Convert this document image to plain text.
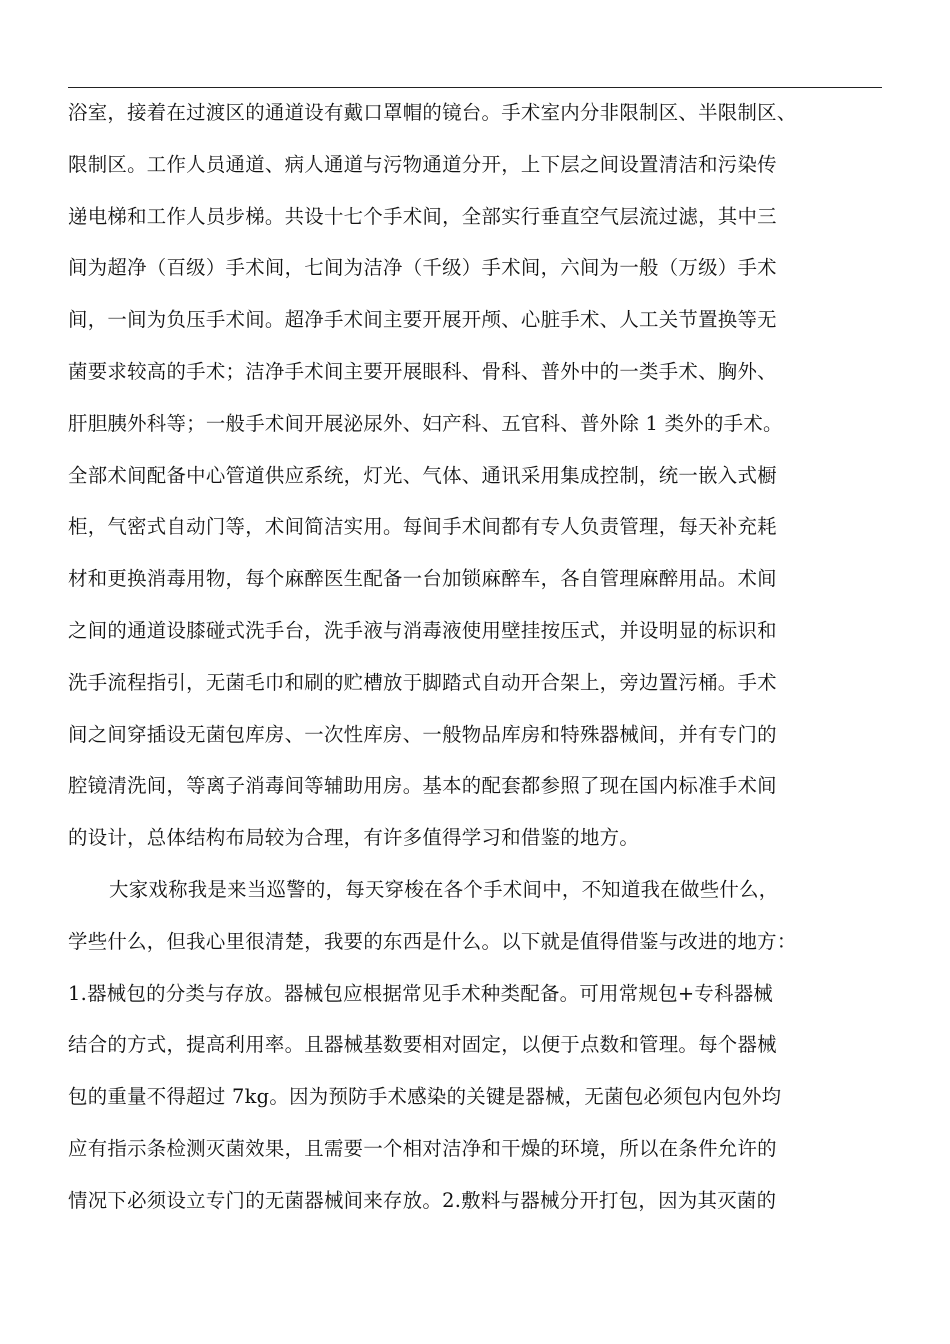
浴室，接着在过渡区的通道设有戴口罩帽的镜台。手术室内分非限制区、半限制区、
限制区。工作人员通道、病人通道与污物通道分开，上下层之间设置清洁和污染传
递电梯和工作人员步梯。共设十七个手术间，全部实行垂直空气层流过滤，其中三
间为超净（百级）手术间，七间为洁净（千级）手术间，六间为一般（万级）手术
间，一间为负压手术间。超净手术间主要开展开颅、心脏手术、人工关节置换等无
菌要求较高的手术；洁净手术间主要开展眼科、骨科、普外中的一类手术、胸外、
肝胆胰外科等；一般手术间开展泌尿外、妇产科、五官科、普外除 1 类外的手术。
全部术间配备中心管道供应系统，灯光、气体、通讯采用集成控制，统一嵌入式橱
柜，气密式自动门等，术间简洁实用。每间手术间都有专人负责管理，每天补充耗
材和更换消毒用物，每个麻醉医生配备一台加锁麻醉车，各自管理麻醉用品。术间
之间的通道设膝碰式洗手台，洗手液与消毒液使用壁挂按压式，并设明显的标识和
洗手流程指引，无菌毛巾和刷的贮槽放于脚踏式自动开合架上，旁边置污桶。手术
间之间穿插设无菌包库房、一次性库房、一般物品库房和特殊器械间，并有专门的
腔镜清洗间，等离子消毒间等辅助用房。基本的配套都参照了现在国内标准手术间
的设计，总体结构布局较为合理，有许多值得学习和借鉴的地方。
大家戏称我是来当巡警的，每天穿梭在各个手术间中，不知道我在做些什么，
学些什么，但我心里很清楚，我要的东西是什么。以下就是值得借鉴与改进的地方：
1.器械包的分类与存放。器械包应根据常见手术种类配备。可用常规包+专科器械
结合的方式，提高利用率。且器械基数要相对固定，以便于点数和管理。每个器械
包的重量不得超过 7kg。因为预防手术感染的关键是器械，无菌包必须包内包外均
应有指示条检测灭菌效果，且需要一个相对洁净和干燥的环境，所以在条件允许的
情况下必须设立专门的无菌器械间来存放。2.敷料与器械分开打包，因为其灭菌的
